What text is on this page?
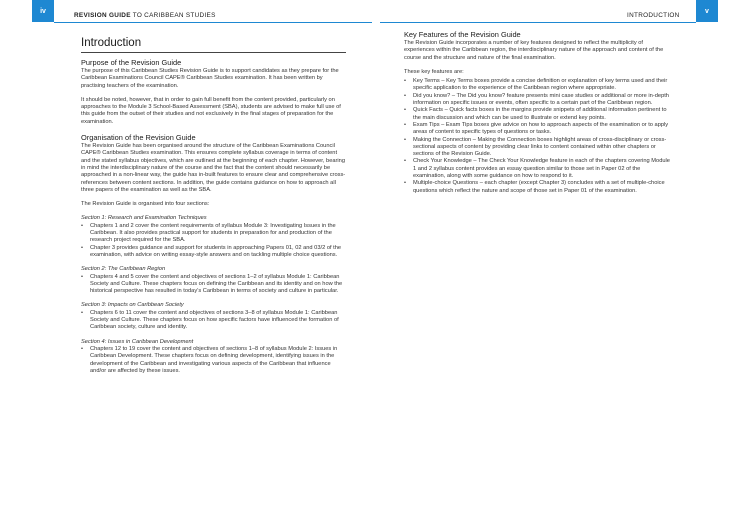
iv
REVISION GUIDE TO CARIBBEAN STUDIES	INTRODUCTION
v
Introduction
Purpose of the Revision Guide

The purpose of this Caribbean Studies Revision Guide is to support candidates as they prepare for the Caribbean Examinations Council CAPE® Caribbean Studies examination. It has been written by practising teachers of the examination.

It should be noted, however, that in order to gain full benefit from the content provided, particularly on approaches to the Module 3 School-Based Assessment (SBA), students are advised to make full use of this guide from the outset of their studies and not exclusively in the final stages of preparation for the examination.

Organisation of the Revision Guide

The Revision Guide has been organised around the structure of the Caribbean Examinations Council CAPE® Caribbean Studies examination. This ensures complete syllabus coverage in terms of content and the stated syllabus objectives, which are outlined at the beginning of each chapter. However, bearing in mind the interdisciplinary nature of the course and the fact that the content should necessarily be approached in a non-linear way, the guide has in-built features to ensure clear and comprehensive cross-references between content sections. In addition, the guide contains guidance on how to approach all three papers of the examination as well as the SBA.

The Revision Guide is organised into four sections:

Section 1: Research and Examination Techniques

• Chapters 1 and 2 cover the content requirements of syllabus Module 3: Investigating Issues in the Caribbean. It also provides practical support for students in preparation for and production of the research project required for the SBA.
• Chapter 3 provides guidance and support for students in approaching Papers 01, 02 and 03/2 of the examination, with advice on writing essay-style answers and on tackling multiple choice questions.

Section 2: The Caribbean Region

• Chapters 4 and 5 cover the content and objectives of sections 1–2 of syllabus Module 1: Caribbean Society and Culture. These chapters focus on defining the Caribbean and its identity and on how the historical perspective has resulted in today’s Caribbean in terms of society and culture in particular.

Section 3: Impacts on Caribbean Society

• Chapters 6 to 11 cover the content and objectives of sections 3–8 of syllabus Module 1: Caribbean Society and Culture. These chapters focus on how specific factors have influenced the formation of Caribbean society, culture and identity.

Section 4: Issues in Caribbean Development

• Chapters 12 to 19 cover the content and objectives of sections 1–8 of syllabus Module 2: Issues in Caribbean Development. These chapters focus on defining development, identifying issues in the development of the Caribbean and investigating various aspects of the Caribbean that influence and/or are affected by these issues.
Key Features of the Revision Guide

The Revision Guide incorporates a number of key features designed to reflect the multiplicity of experiences within the Caribbean region, the interdisciplinary nature of the approach and content of the course and the structure and nature of the final examination.

These key features are:

• Key Terms – Key Terms boxes provide a concise definition or explanation of key terms used and their specific application to the experience of the Caribbean region where appropriate.
• Did you know? – The Did you know? feature presents mini case studies or additional or more in-depth information on specific issues or events, often specific to a certain part of the Caribbean region.
• Quick Facts – Quick facts boxes in the margins provide snippets of additional information pertinent to the main discussion and which can be used to illustrate or extend key points.
• Exam Tips – Exam Tips boxes give advice on how to approach aspects of the examination or to apply areas of content to specific types of questions or tasks.
• Making the Connection – Making the Connection boxes highlight areas of cross-disciplinary or cross-sectional aspects of content by providing clear links to content contained within other chapters or sections of the Revision Guide.
• Check Your Knowledge – The Check Your Knowledge feature in each of the chapters covering Module 1 and 2 syllabus content provides an essay question similar to those set in Paper 02 of the examination, along with some guidance on how to respond to it.
• Multiple-choice Questions – each chapter (except Chapter 3) concludes with a set of multiple-choice questions which reflect the nature and scope of those set in Paper 01 of the examination.
